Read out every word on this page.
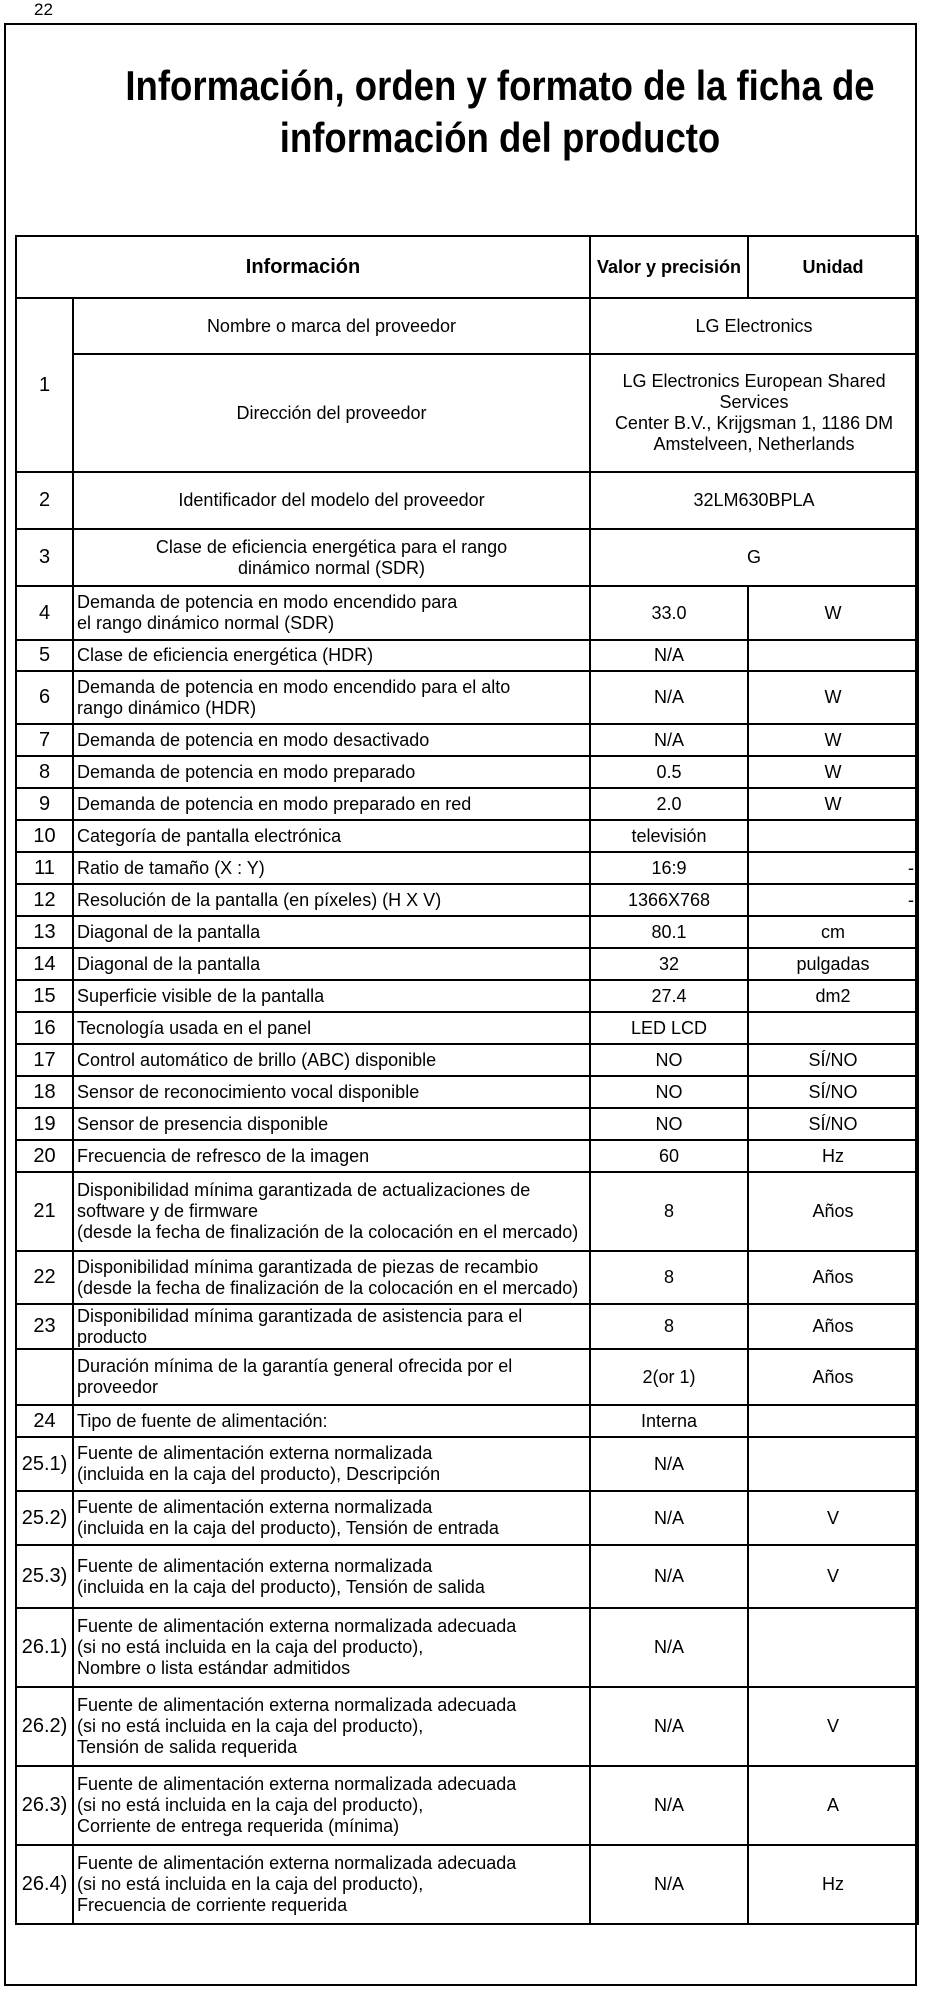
22
Información, orden y formato de la ficha de
información del producto
Información		Valor y precisión	Unidad
1	Nombre o marca del proveedor	LG Electronics	
	Dirección del proveedor	LG Electronics European Shared Services
Center B.V., Krijgsman 1, 1186 DM
Amstelveen, Netherlands	

2	Identificador del modelo del proveedor	32LM630BPLA	
3	Clase de eficiencia energética para el rango
dinámico normal (SDR)	G	
4	Demanda de potencia en modo encendido para
el rango dinámico normal (SDR)	33.0	W
5	Clase de eficiencia energética (HDR)	N/A	
6	Demanda de potencia en modo encendido para el alto
rango dinámico (HDR)	N/A	W
7	Demanda de potencia en modo desactivado	N/A	W
8	Demanda de potencia en modo preparado	0.5	W
9	Demanda de potencia en modo preparado en red	2.0	W
10	Categoría de pantalla electrónica	televisión	
11	Ratio de tamaño (X : Y)	16:9	-
12	Resolución de la pantalla (en píxeles) (H X V)	1366X768	-
13	Diagonal de la pantalla	80.1	cm
14	Diagonal de la pantalla	32	pulgadas
15	Superficie visible de la pantalla	27.4	dm2
16	Tecnología usada en el panel	LED LCD	
17	Control automático de brillo (ABC) disponible	NO	SÍ/NO
18	Sensor de reconocimiento vocal disponible	NO	SÍ/NO
19	Sensor de presencia disponible	NO	SÍ/NO
20	Frecuencia de refresco de la imagen	60	Hz
21	Disponibilidad mínima garantizada de actualizaciones de
software y de firmware
(desde la fecha de finalización de la colocación en el mercado)	8	Años
22	Disponibilidad mínima garantizada de piezas de recambio
(desde la fecha de finalización de la colocación en el mercado)	8	Años
23	Disponibilidad mínima garantizada de asistencia para el producto	8	Años
	Duración mínima de la garantía general ofrecida por el proveedor	2(or 1)	Años
24	Tipo de fuente de alimentación:	Interna	
25.1)	Fuente de alimentación externa normalizada
(incluida en la caja del producto), Descripción	N/A	
25.2)	Fuente de alimentación externa normalizada
(incluida en la caja del producto), Tensión de entrada	N/A	V
25.3)	Fuente de alimentación externa normalizada
(incluida en la caja del producto), Tensión de salida	N/A	V
26.1)	Fuente de alimentación externa normalizada adecuada
(si no está incluida en la caja del producto),
Nombre o lista estándar admitidos	N/A	
26.2)	Fuente de alimentación externa normalizada adecuada
(si no está incluida en la caja del producto),
Tensión de salida requerida	N/A	V
26.3)	Fuente de alimentación externa normalizada adecuada
(si no está incluida en la caja del producto),
Corriente de entrega requerida (mínima)	N/A	A
26.4)	Fuente de alimentación externa normalizada adecuada
(si no está incluida en la caja del producto),
Frecuencia de corriente requerida	N/A	Hz
